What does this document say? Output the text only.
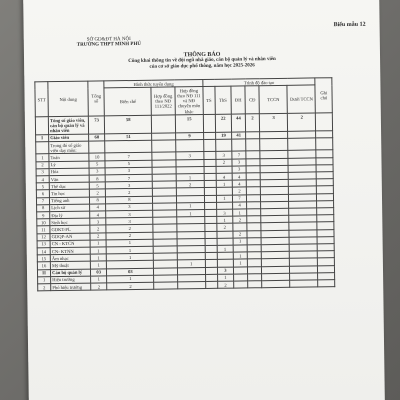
Biểu mẫu 12
SỞ GD&ĐT HÀ NỘI
TRƯỜNG THPT MINH PHÚ
THÔNG BÁO
Công khai thông tin về đội ngũ nhà giáo, cán bộ quản lý và nhân viên
của cơ sở giáo dục phổ thông, năm học 2025-2026
STT	Nội dung	Tổng số	Hình thức tuyển dụng			Trình độ đào tạo						Ghi chú
			Biên chế	Hợp đồng theo NĐ 111/2022	Hợp đồng theo NĐ 111 và NĐ chuyên môn khác	TS	ThS	ĐH	CĐ	TCCN	Dưới TCCN	
	Tổng số giáo viên, cán bộ quản lý và nhân viên	73	58		15		22	44	2	3	2	
I	Giáo viên	60	51		9		19	41				
	Trong đó số giáo viên dạy môn:											
1	Toán	10	7		3		3	7				
2	Lý	5	5				2	3				
3	Hóa	3	3					3				
4	Văn	8	7		1		4	4				
5	Thể dục	5	3		2		1	4				
6	Tin học	2	2					2				
7	Tiếng anh	8	8				1	7				
8	Lịch sử	4	3		1			4				
9	Địa lý	4	3		1		3	1				
10	Sinh học	3	3				1	2				
11	GDKT-PL	2	2				2					
12	GDQP-AN	2	2					2				
13	CN - KTCN	1	1					1				
14	CN- KTNN	1	1				1					
15	Âm nhạc	1	1					1				
16	Mỹ thuật	1			1			1				
II	Cán bộ quản lý	03	03				3					
1	Hiệu trưởng	1	1				1					
2	Phó hiệu trưởng	2	2				2					
